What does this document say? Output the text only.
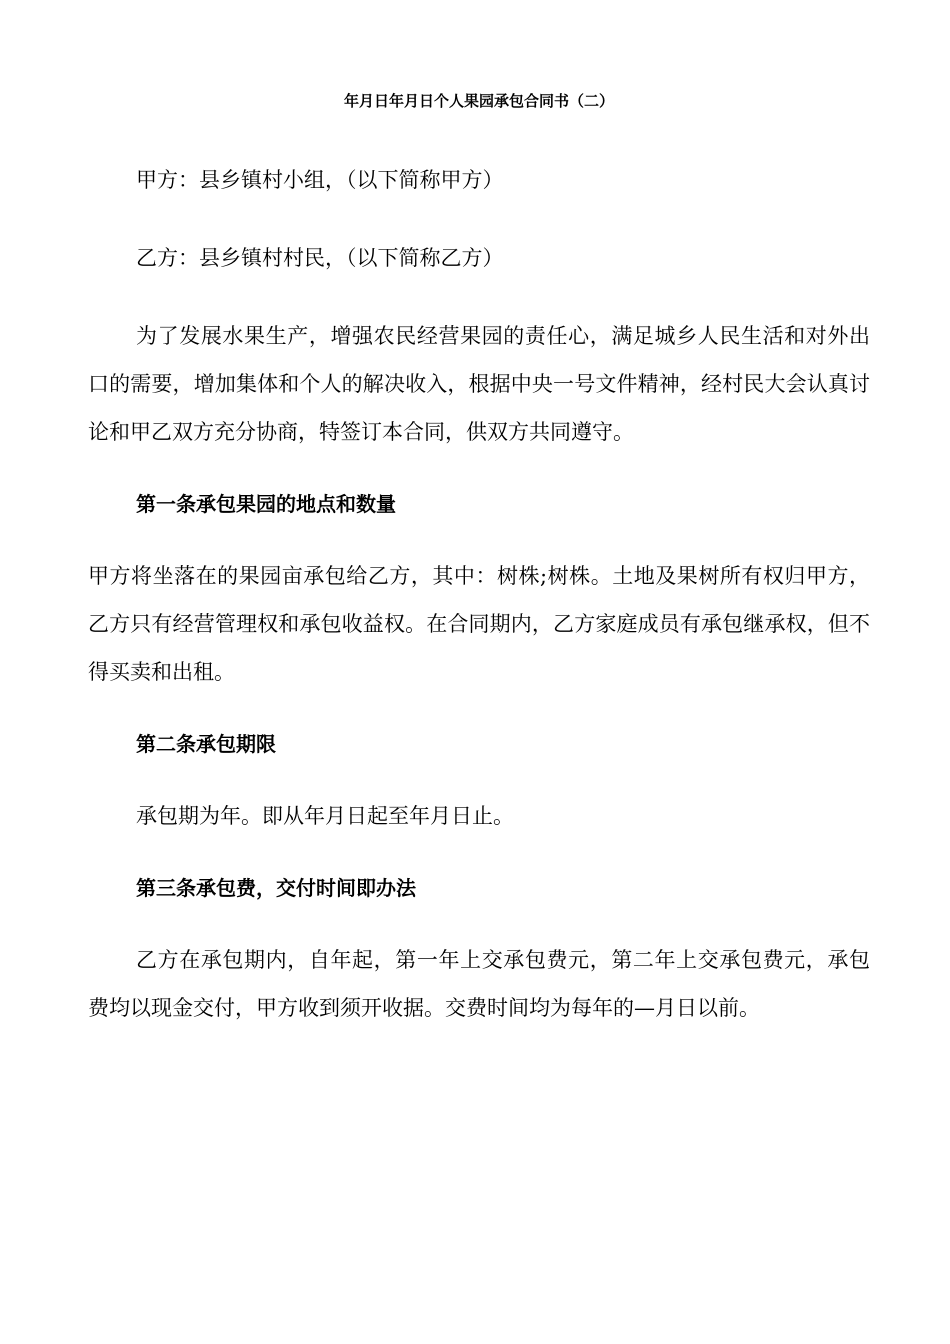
年月日年月日个人果园承包合同书（二）

甲方：县乡镇村小组，（以下简称甲方）

乙方：县乡镇村村民，（以下简称乙方）

为了发展水果生产，增强农民经营果园的责任心，满足城乡人民生活和对外出口的需要，增加集体和个人的解决收入，根据中央一号文件精神，经村民大会认真讨论和甲乙双方充分协商，特签订本合同，供双方共同遵守。

第一条承包果园的地点和数量

甲方将坐落在的果园亩承包给乙方，其中：树株;树株。土地及果树所有权归甲方，乙方只有经营管理权和承包收益权。在合同期内，乙方家庭成员有承包继承权，但不得买卖和出租。

第二条承包期限

承包期为年。即从年月日起至年月日止。

第三条承包费，交付时间即办法

乙方在承包期内，自年起，第一年上交承包费元，第二年上交承包费元，承包费均以现金交付，甲方收到须开收据。交费时间均为每年的—月日以前。
